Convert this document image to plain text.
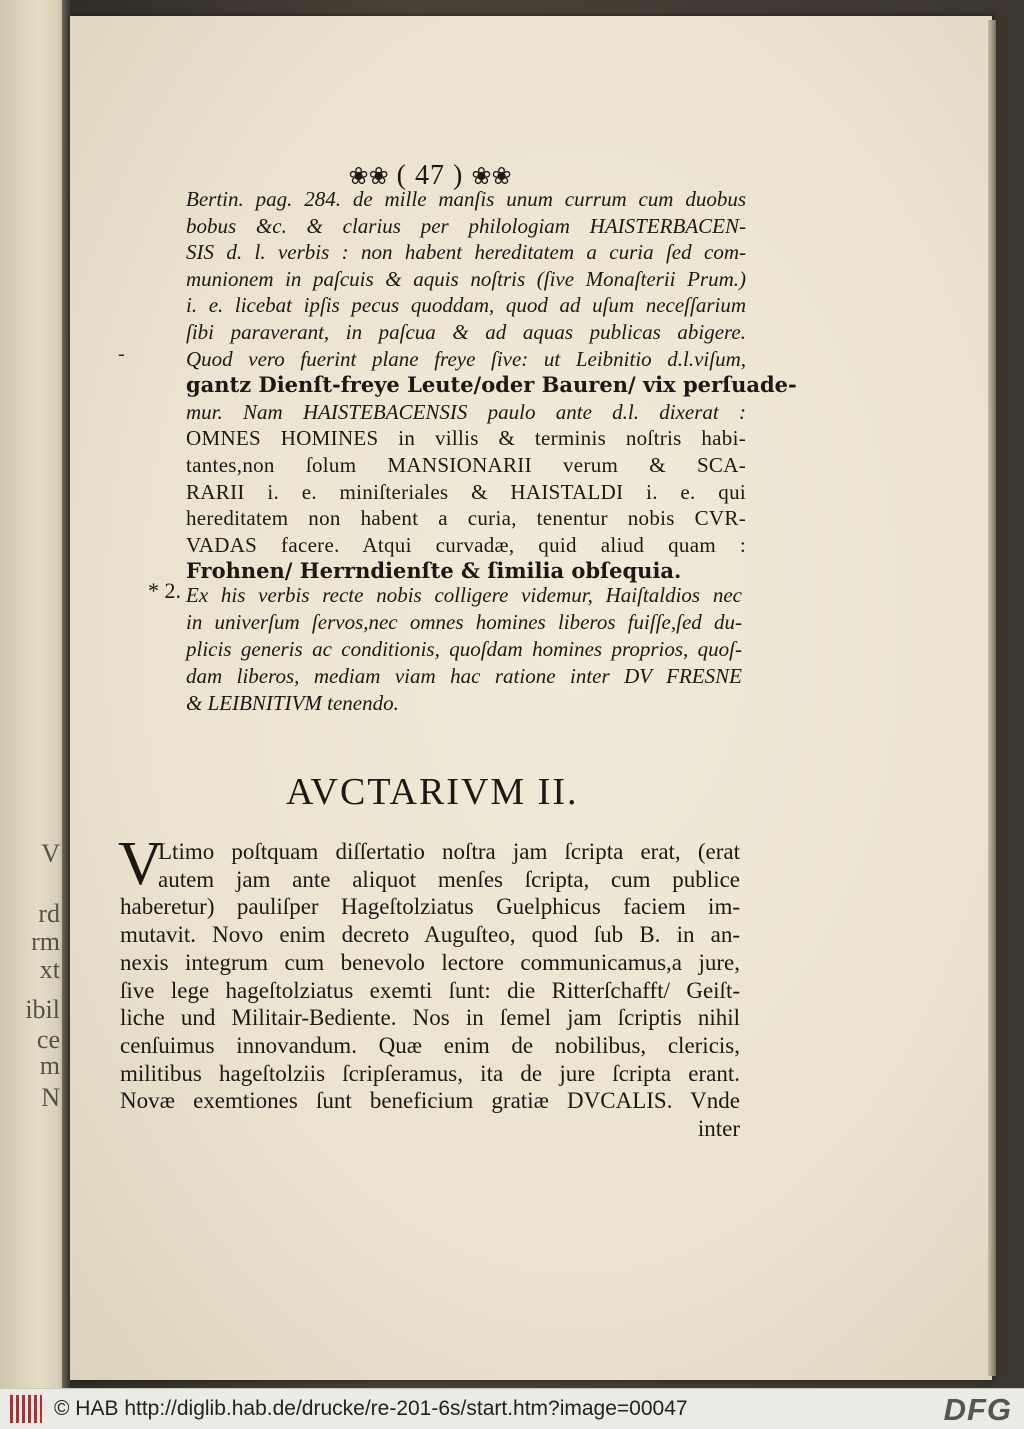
V
rd
rm
xt
ibil
ce
m
N
❀❀ ( 47 ) ❀❀
Bertin. pag. 284. de mille manſis unum currum cum duobus
bobus &c. & clarius per philologiam HAISTERBACEN-
SIS d. l. verbis : non habent hereditatem a curia ſed com-
munionem in paſcuis & aquis noſtris (ſive Monaſterii Prum.)
i. e. licebat ipſis pecus quoddam, quod ad uſum neceſſarium
ſibi paraverant, in paſcua & ad aquas publicas abigere.
Quod vero fuerint plane freye ſive: ut Leibnitio d.l.viſum,
gantz Dienſt-freye Leute/oder Bauren/ vix perſuade-
mur. Nam HAISTEBACENSIS paulo ante d.l. dixerat :
OMNES HOMINES in villis & terminis noſtris habi-
tantes,non ſolum MANSIONARII verum & SCA-
RARII i. e. miniſteriales & HAISTALDI i. e. qui
hereditatem non habent a curia, tenentur nobis CVR-
VADAS facere. Atqui curvadæ, quid aliud quam :
Frohnen/ Herrndienſte & ſimilia obſequia.
-
* 2. Ex his verbis recte nobis colligere videmur, Haiſtaldios nec
in univerſum ſervos,nec omnes homines liberos fuiſſe,ſed du-
plicis generis ac conditionis, quoſdam homines proprios, quoſ-
dam liberos, mediam viam hac ratione inter DV FRESNE
& LEIBNITIVM tenendo.
AVCTARIVM II.
V
Ltimo poſtquam diſſertatio noſtra jam ſcripta erat, (erat
autem jam ante aliquot menſes ſcripta, cum publice
haberetur) pauliſper Hageſtolziatus Guelphicus faciem im-
mutavit. Novo enim decreto Auguſteo, quod ſub B. in an-
nexis integrum cum benevolo lectore communicamus,a jure,
ſive lege hageſtolziatus exemti ſunt: die Ritterſchafft/ Geiſt-
liche und Militair-Bediente. Nos in ſemel jam ſcriptis nihil
cenſuimus innovandum. Quæ enim de nobilibus, clericis,
militibus hageſtolziis ſcripſeramus, ita de jure ſcripta erant.
Novæ exemtiones ſunt beneficium gratiæ DVCALIS. Vnde
inter
© HAB http://diglib.hab.de/drucke/re-201-6s/start.htm?image=00047	DFG
